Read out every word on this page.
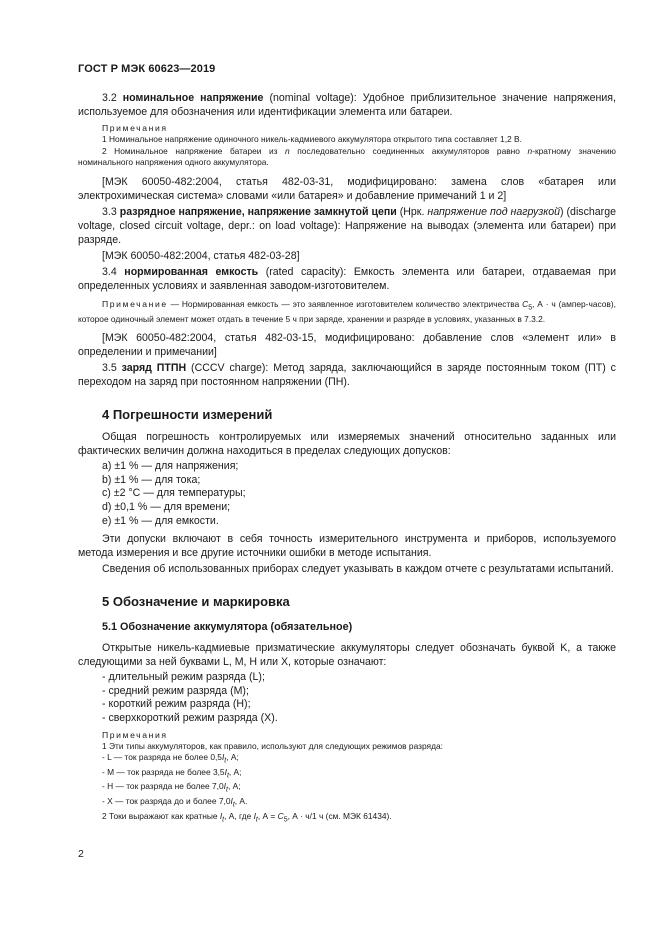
ГОСТ Р МЭК 60623—2019

3.2 номинальное напряжение (nominal voltage): Удобное приблизительное значение напряжения, используемое для обозначения или идентификации элемента или батареи.

Примечания

1 Номинальное напряжение одиночного никель-кадмиевого аккумулятора открытого типа составляет 1,2 В.

2 Номинальное напряжение батареи из n последовательно соединенных аккумуляторов равно n-кратному значению номинального напряжения одного аккумулятора.

[МЭК 60050-482:2004, статья 482-03-31, модифицировано: замена слов «батарея или электрохимическая система» словами «или батарея» и добавление примечаний 1 и 2]

3.3 разрядное напряжение, напряжение замкнутой цепи (Нрк. напряжение под нагрузкой) (discharge voltage, closed circuit voltage, depr.: on load voltage): Напряжение на выводах (элемента или батареи) при разряде.

[МЭК 60050-482:2004, статья 482-03-28]

3.4 нормированная емкость (rated capacity): Емкость элемента или батареи, отдаваемая при определенных условиях и заявленная заводом-изготовителем.

Примечание — Нормированная емкость — это заявленное изготовителем количество электричества $C_5$, А · ч (ампер-часов), которое одиночный элемент может отдать в течение 5 ч при заряде, хранении и разряде в условиях, указанных в 7.3.2.

[МЭК 60050-482:2004, статья 482-03-15, модифицировано: добавление слов «элемент или» в определении и примечании]

3.5 заряд ПТПН (CCCV charge): Метод заряда, заключающийся в заряде постоянным током (ПТ) с переходом на заряд при постоянном напряжении (ПН).

4 Погрешности измерений

Общая погрешность контролируемых или измеряемых значений относительно заданных или фактических величин должна находиться в пределах следующих допусков:

a) ±1 % — для напряжения;

b) ±1 % — для тока;

c) ±2 °С — для температуры;

d) ±0,1 % — для времени;

e) ±1 % — для емкости.

Эти допуски включают в себя точность измерительного инструмента и приборов, используемого метода измерения и все другие источники ошибки в методе испытания.

Сведения об использованных приборах следует указывать в каждом отчете с результатами испытаний.

5 Обозначение и маркировка

5.1 Обозначение аккумулятора (обязательное)

Открытые никель-кадмиевые призматические аккумуляторы следует обозначать буквой K, а также следующими за ней буквами L, M, H или X, которые означают:

- длительный режим разряда (L);

- средний режим разряда (M);

- короткий режим разряда (H);

- сверхкороткий режим разряда (X).

Примечания

1 Эти типы аккумуляторов, как правило, используют для следующих режимов разряда:

- L — ток разряда не более $0,5I_t$, А;

- M — ток разряда не более $3,5I_t$, А;

- H — ток разряда не более $7,0I_t$, А;

- X — ток разряда до и более $7,0I_t$, А.

2 Токи выражают как кратные $I_t$, А, где $I_t$, $А = C_5$, А · ч/1 ч (см. МЭК 61434).

2
